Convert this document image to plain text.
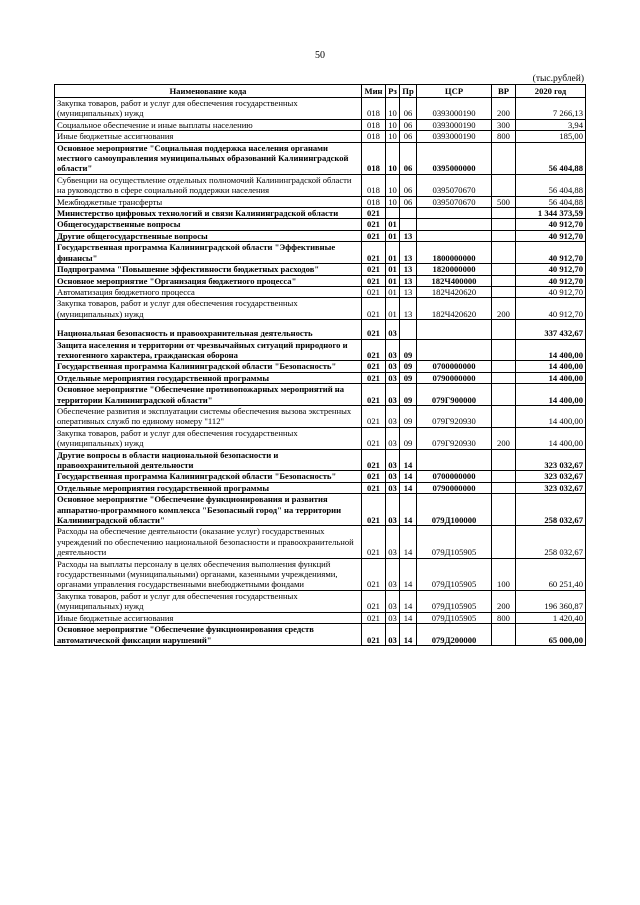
50
(тыс.рублей)
Наименование кода	Мин	Рз	Пр	ЦСР	ВР	2020 год
Закупка товаров, работ и услуг для обеспечения государственных (муниципальных) нужд	018	10	06	0393000190	200	7 266,13
Социальное обеспечение и иные выплаты населению	018	10	06	0393000190	300	3,94
Иные бюджетные ассигнования	018	10	06	0393000190	800	185,00
Основное мероприятие "Социальная поддержка населения органами местного самоуправления муниципальных образований Калининградской области"	018	10	06	0395000000		56 404,88
Субвенции на осуществление отдельных полномочий Калининградской области на руководство в сфере социальной поддержки населения	018	10	06	0395070670		56 404,88
Межбюджетные трансферты	018	10	06	0395070670	500	56 404,88
Министерство цифровых технологий и связи Калининградской области	021					1 344 373,59
Общегосударственные вопросы	021	01				40 912,70
Другие общегосударственные вопросы	021	01	13			40 912,70
Государственная программа Калининградской области "Эффективные финансы"	021	01	13	1800000000		40 912,70
Подпрограмма "Повышение эффективности бюджетных расходов"	021	01	13	1820000000		40 912,70
Основное мероприятие "Организация бюджетного процесса"	021	01	13	182Ч400000		40 912,70
Автоматизация бюджетного процесса	021	01	13	182Ч420620		40 912,70
Закупка товаров, работ и услуг для обеспечения государственных (муниципальных) нужд	021	01	13	182Ч420620	200	40 912,70
Национальная безопасность и правоохранительная деятельность	021	03				337 432,67
Защита населения и территории от чрезвычайных ситуаций природного и техногенного характера, гражданская оборона	021	03	09			14 400,00
Государственная программа Калининградской области "Безопасность"	021	03	09	0700000000		14 400,00
Отдельные мероприятия государственной программы	021	03	09	0790000000		14 400,00
Основное мероприятие "Обеспечение противопожарных мероприятий на территории Калининградской области"	021	03	09	079Г900000		14 400,00
Обеспечение развития и эксплуатации системы обеспечения вызова экстренных оперативных служб по единому номеру "112"	021	03	09	079Г920930		14 400,00
Закупка товаров, работ и услуг для обеспечения государственных (муниципальных) нужд	021	03	09	079Г920930	200	14 400,00
Другие вопросы в области национальной безопасности и правоохранительной деятельности	021	03	14			323 032,67
Государственная программа Калининградской области "Безопасность"	021	03	14	0700000000		323 032,67
Отдельные мероприятия государственной программы	021	03	14	0790000000		323 032,67
Основное мероприятие "Обеспечение функционирования и развития аппаратно-программного комплекса "Безопасный город" на территории Калининградской области"	021	03	14	079Д100000		258 032,67
Расходы на обеспечение деятельности (оказание услуг) государственных учреждений по обеспечению национальной безопасности и правоохранительной деятельности	021	03	14	079Д105905		258 032,67
Расходы на выплаты персоналу в целях обеспечения выполнения функций государственными (муниципальными) органами, казенными учреждениями, органами управления государственными внебюджетными фондами	021	03	14	079Д105905	100	60 251,40
Закупка товаров, работ и услуг для обеспечения государственных (муниципальных) нужд	021	03	14	079Д105905	200	196 360,87
Иные бюджетные ассигнования	021	03	14	079Д105905	800	1 420,40
Основное мероприятие "Обеспечение функционирования средств автоматической фиксации нарушений"	021	03	14	079Д200000		65 000,00
